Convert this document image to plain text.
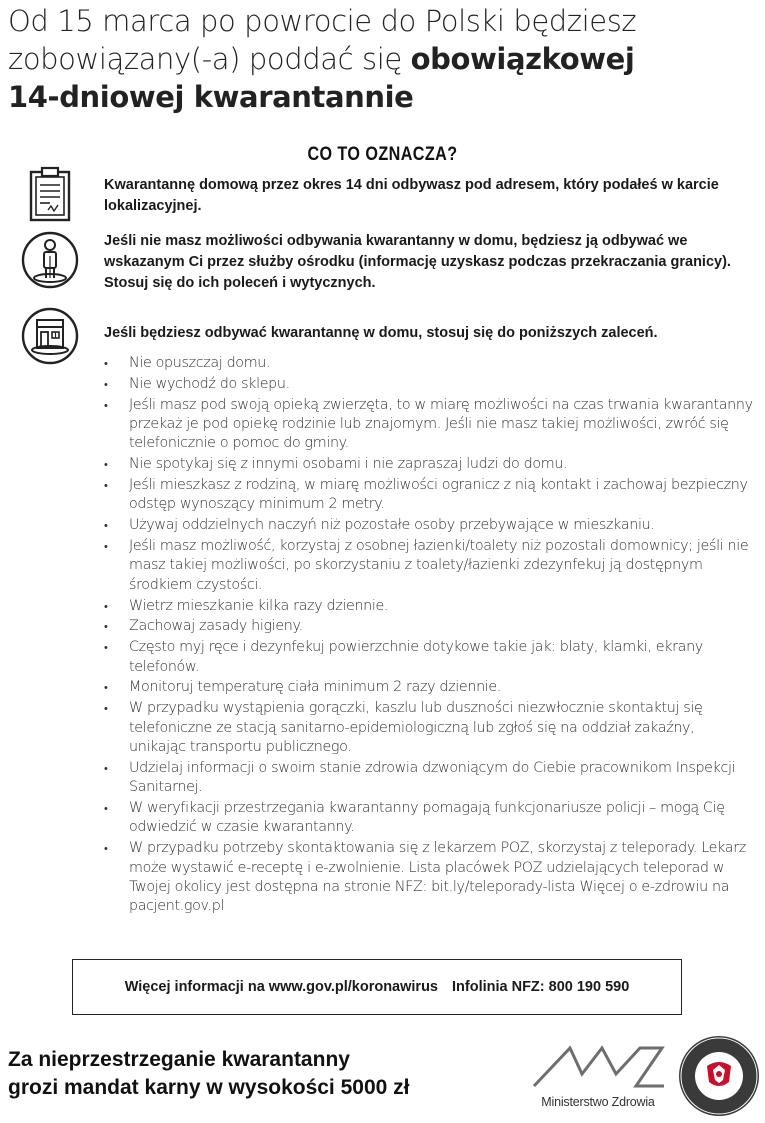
Od 15 marca po powrocie do Polski będziesz
zobowiązany(-a) poddać się obowiązkowej
14-dniowej kwarantannie
CO TO OZNACZA?
Kwarantannę domową przez okres 14 dni odbywasz pod adresem, który podałeś w karcie lokalizacyjnej.
Jeśli nie masz możliwości odbywania kwarantanny w domu, będziesz ją odbywać we wskazanym Ci przez służby ośrodku (informację uzyskasz podczas przekraczania granicy). Stosuj się do ich poleceń i wytycznych.
Jeśli będziesz odbywać kwarantannę w domu, stosuj się do poniższych zaleceń.
• Nie opuszczaj domu.
• Nie wychodź do sklepu.
• Jeśli masz pod swoją opieką zwierzęta, to w miarę możliwości na czas trwania kwarantanny przekaż je pod opiekę rodzinie lub znajomym. Jeśli nie masz takiej możliwości, zwróć się telefonicznie o pomoc do gminy.
• Nie spotykaj się z innymi osobami i nie zapraszaj ludzi do domu.
• Jeśli mieszkasz z rodziną, w miarę możliwości ogranicz z nią kontakt i zachowaj bezpieczny odstęp wynoszący minimum 2 metry.
• Używaj oddzielnych naczyń niż pozostałe osoby przebywające w mieszkaniu.
• Jeśli masz możliwość, korzystaj z osobnej łazienki/toalety niż pozostali domownicy; jeśli nie masz takiej możliwości, po skorzystaniu z toalety/łazienki zdezynfekuj ją dostępnym środkiem czystości.
• Wietrz mieszkanie kilka razy dziennie.
• Zachowaj zasady higieny.
• Często myj ręce i dezynfekuj powierzchnie dotykowe takie jak: blaty, klamki, ekrany telefonów.
• Monitoruj temperaturę ciała minimum 2 razy dziennie.
• W przypadku wystąpienia gorączki, kaszlu lub duszności niezwłocznie skontaktuj się telefoniczne ze stacją sanitarno-epidemiologiczną lub zgłoś się na oddział zakaźny, unikając transportu publicznego.
• Udzielaj informacji o swoim stanie zdrowia dzwoniącym do Ciebie pracownikom Inspekcji Sanitarnej.
• W weryfikacji przestrzegania kwarantanny pomagają funkcjonariusze policji – mogą Cię odwiedzić w czasie kwarantanny.
• W przypadku potrzeby skontaktowania się z lekarzem POZ, skorzystaj z teleporady. Lekarz może wystawić e-receptę i e-zwolnienie. Lista placówek POZ udzielających teleporad w Twojej okolicy jest dostępna na stronie NFZ: bit.ly/teleporady-lista Więcej o e-zdrowiu na pacjent.gov.pl
Więcej informacji na www.gov.pl/koronawirus Infolinia NFZ: 800 190 590
Za nieprzestrzeganie kwarantanny
grozi mandat karny w wysokości 5000 zł
Ministerstwo Zdrowia
